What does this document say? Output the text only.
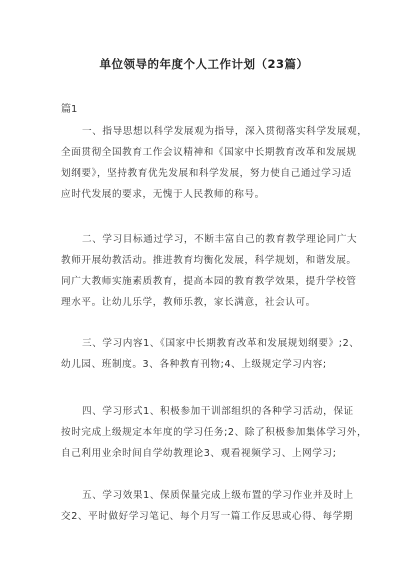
单位领导的年度个人工作计划（23篇）
篇1
一、指导思想以科学发展观为指导，深入贯彻落实科学发展观，
全面贯彻全国教育工作会议精神和《国家中长期教育改革和发展规
划纲要》，坚持教育优先发展和科学发展，努力使自己通过学习适
应时代发展的要求，无愧于人民教师的称号。
二、学习目标通过学习，不断丰富自己的教育教学理论同广大
教师开展幼教活动。推进教育均衡化发展，科学规划，和谐发展。
同广大教师实施素质教育，提高本园的教育教学效果，提升学校管
理水平。让幼儿乐学，教师乐教，家长满意，社会认可。
三、学习内容1、《国家中长期教育改革和发展规划纲要》;2、
幼儿园、班制度。3、各种教育刊物;4、上级规定学习内容;
四、学习形式1、积极参加干训部组织的各种学习活动，保证
按时完成上级规定本年度的学习任务;2、除了积极参加集体学习外，
自己利用业余时间自学幼教理论3、观看视频学习、上网学习;
五、学习效果1、保质保量完成上级布置的学习作业并及时上
交2、平时做好学习笔记、每个月写一篇工作反思或心得、每学期
